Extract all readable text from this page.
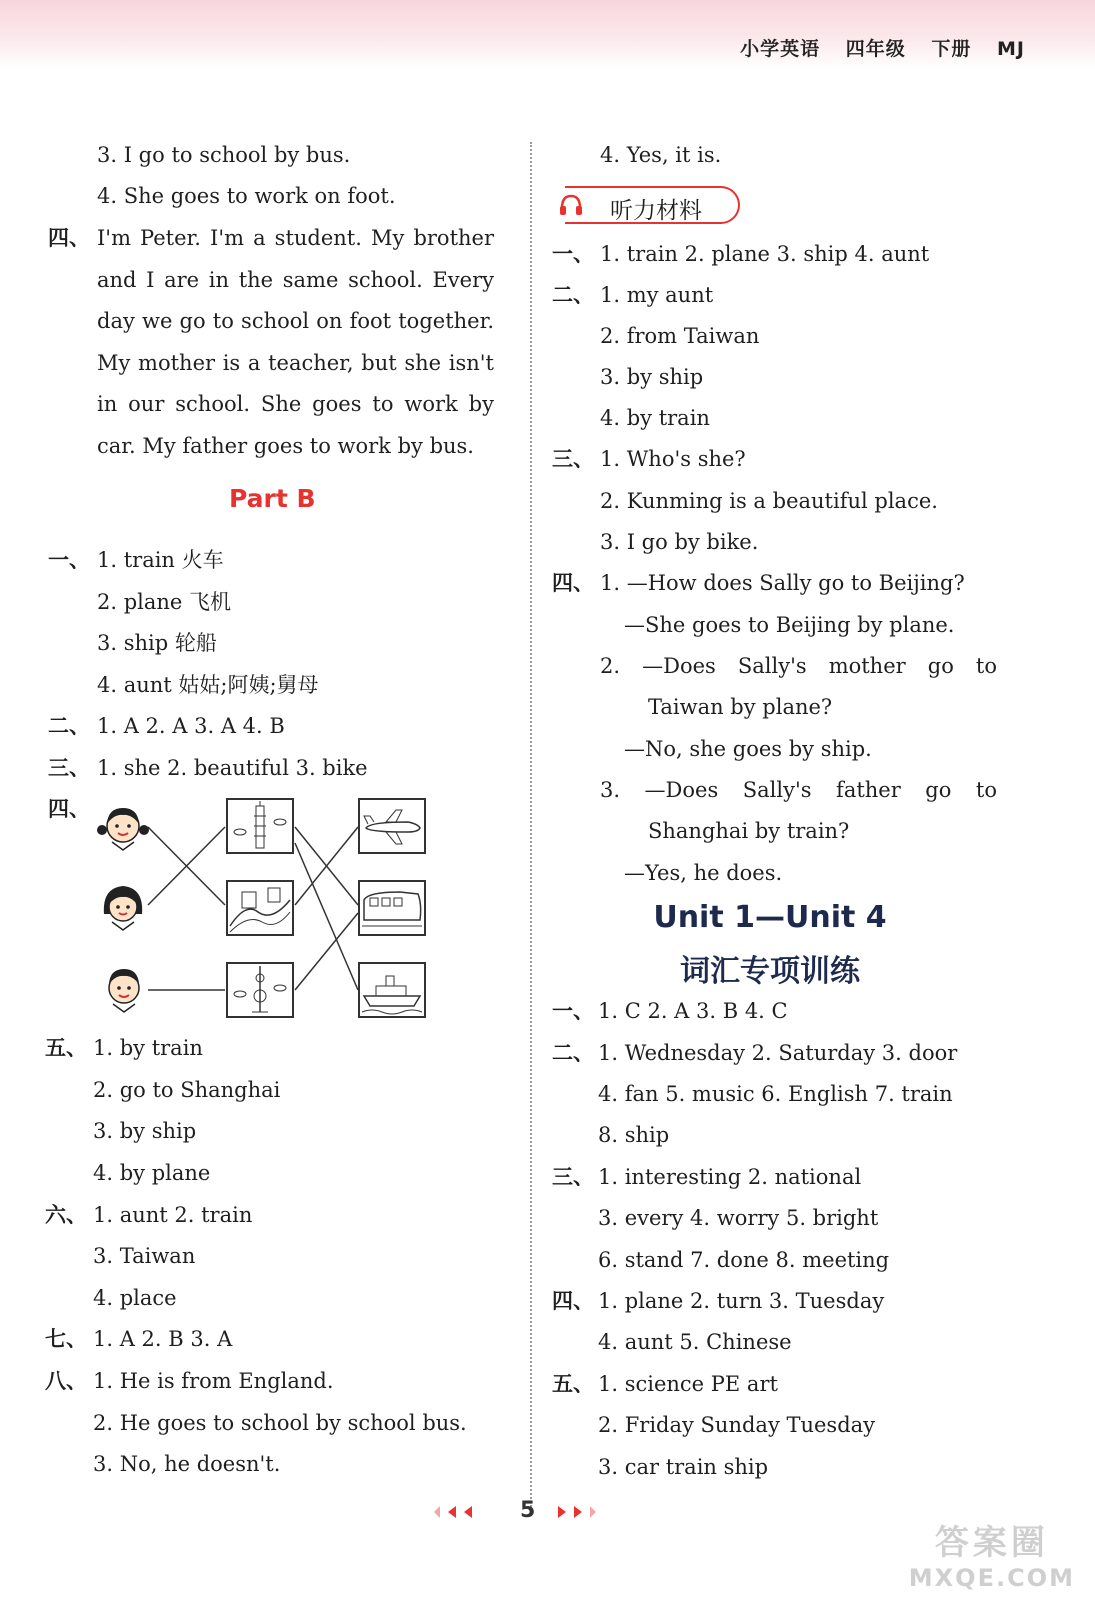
小学英语 四年级 下册 MJ
3. I go to school by bus.
4. She goes to work on foot.
四、 I'm Peter. I'm a student. My brother
and I are in the same school. Every
day we go to school on foot together.
My mother is a teacher, but she isn't
in our school. She goes to work by
car. My father goes to work by bus.
Part B
一、 1. train 火车
2. plane 飞机
3. ship 轮船
4. aunt 姑姑;阿姨;舅母
二、 1. A 2. A 3. A 4. B
三、 1. she 2. beautiful 3. bike
四、
五、 1. by train
2. go to Shanghai
3. by ship
4. by plane
六、 1. aunt 2. train
3. Taiwan
4. place
七、 1. A 2. B 3. A
八、 1. He is from England.
2. He goes to school by school bus.
3. No, he doesn't.
4. Yes, it is.
听力材料
一、 1. train 2. plane 3. ship 4. aunt
二、 1. my aunt
2. from Taiwan
3. by ship
4. by train
三、 1. Who's she?
2. Kunming is a beautiful place.
3. I go by bike.
四、 1. —How does Sally go to Beijing?
—She goes to Beijing by plane.
2. —Does Sally's mother go to
Taiwan by plane?
—No, she goes by ship.
3. —Does Sally's father go to
Shanghai by train?
—Yes, he does.
Unit 1—Unit 4
词汇专项训练
一、 1. C 2. A 3. B 4. C
二、 1. Wednesday 2. Saturday 3. door
4. fan 5. music 6. English 7. train
8. ship
三、 1. interesting 2. national
3. every 4. worry 5. bright
6. stand 7. done 8. meeting
四、 1. plane 2. turn 3. Tuesday
4. aunt 5. Chinese
五、 1. science PE art
2. Friday Sunday Tuesday
3. car train ship
5
答案圈
MXQE.COM
